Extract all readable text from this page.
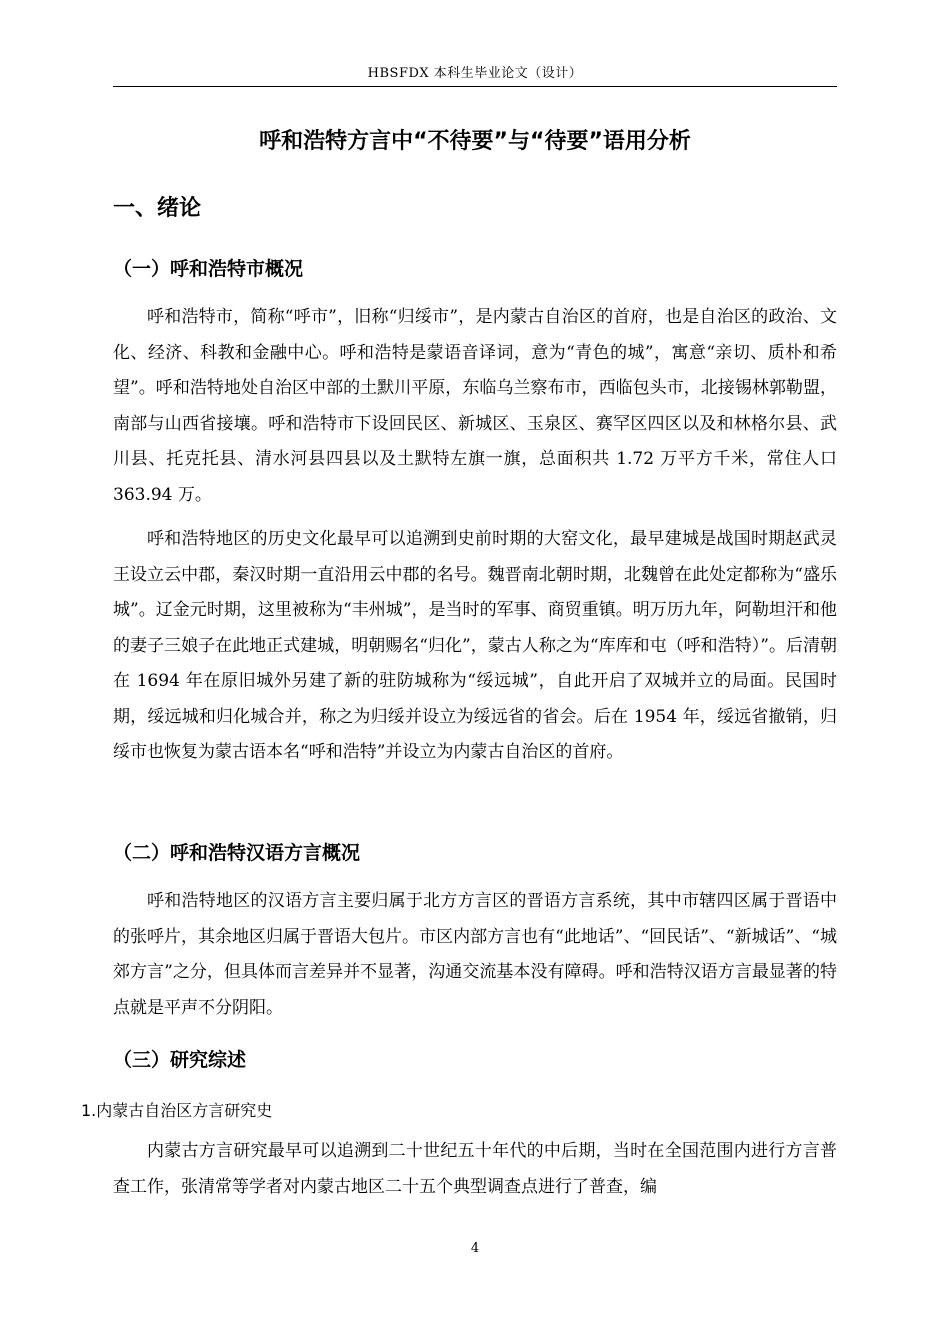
HBSFDX 本科生毕业论文（设计）
呼和浩特方言中“不待要”与“待要”语用分析
一、绪论
（一）呼和浩特市概况

呼和浩特市，简称“呼市”，旧称“归绥市”，是内蒙古自治区的首府，也是自治区的政治、文化、经济、科教和金融中心。呼和浩特是蒙语音译词，意为“青色的城”，寓意“亲切、质朴和希望”。呼和浩特地处自治区中部的土默川平原，东临乌兰察布市，西临包头市，北接锡林郭勒盟，南部与山西省接壤。呼和浩特市下设回民区、新城区、玉泉区、赛罕区四区以及和林格尔县、武川县、托克托县、清水河县四县以及土默特左旗一旗，总面积共 1.72 万平方千米，常住人口 363.94 万。

呼和浩特地区的历史文化最早可以追溯到史前时期的大窑文化，最早建城是战国时期赵武灵王设立云中郡，秦汉时期一直沿用云中郡的名号。魏晋南北朝时期，北魏曾在此处定都称为“盛乐城”。辽金元时期，这里被称为“丰州城”，是当时的军事、商贸重镇。明万历九年，阿勒坦汗和他的妻子三娘子在此地正式建城，明朝赐名“归化”，蒙古人称之为“库库和屯（呼和浩特）”。后清朝在 1694 年在原旧城外另建了新的驻防城称为“绥远城”，自此开启了双城并立的局面。民国时期，绥远城和归化城合并，称之为归绥并设立为绥远省的省会。后在 1954 年，绥远省撤销，归绥市也恢复为蒙古语本名“呼和浩特”并设立为内蒙古自治区的首府。

（二）呼和浩特汉语方言概况

呼和浩特地区的汉语方言主要归属于北方方言区的晋语方言系统，其中市辖四区属于晋语中的张呼片，其余地区归属于晋语大包片。市区内部方言也有“此地话”、“回民话”、“新城话”、“城郊方言”之分，但具体而言差异并不显著，沟通交流基本没有障碍。呼和浩特汉语方言最显著的特点就是平声不分阴阳。

（三）研究综述
1.内蒙古自治区方言研究史

内蒙古方言研究最早可以追溯到二十世纪五十年代的中后期，当时在全国范围内进行方言普查工作，张清常等学者对内蒙古地区二十五个典型调查点进行了普查，编

4
